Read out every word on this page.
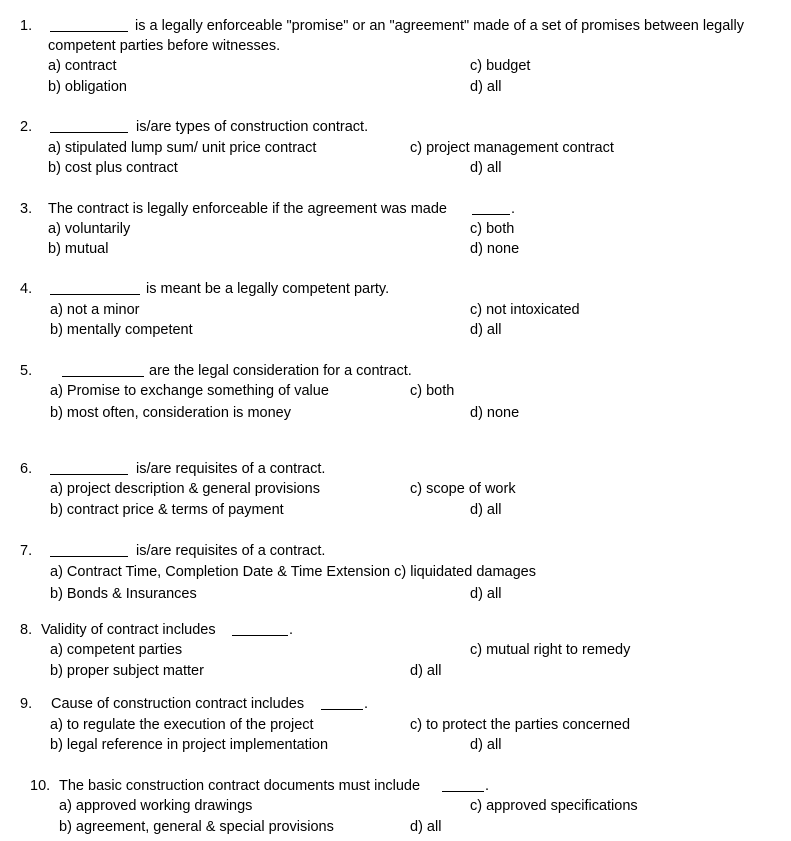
1.	is a legally enforceable "promise" or an "agreement" made of a set of promises between legally
competent parties before witnesses.
a) contract
b) obligation
c) budget
d) all
2.	is/are types of construction contract.
a) stipulated lump sum/ unit price contract
b) cost plus contract
c) project management contract
d) all
3. The contract is legally enforceable if the agreement was made	.
a) voluntarily
b) mutual
c) both
d) none
4.	is meant be a legally competent party.
a) not a minor
b) mentally competent
c) not intoxicated
d) all
5.	are the legal consideration for a contract.
a) Promise to exchange something of value
b) most often, consideration is money
c) both
d) none
6.	is/are requisites of a contract.
a) project description & general provisions
b) contract price & terms of payment
c) scope of work
d) all
7.	is/are requisites of a contract.
a) Contract Time, Completion Date & Time Extension c) liquidated damages
b) Bonds & Insurances	d) all
8. Validity of contract includes	.
a) competent parties
b) proper subject matter
c) mutual right to remedy
d) all
9. Cause of construction contract includes	.
a) to regulate the execution of the project
b) legal reference in project implementation
c) to protect the parties concerned
d) all
10. The basic construction contract documents must include	.
a) approved working drawings
b) agreement, general & special provisions
c) approved specifications
d) all
